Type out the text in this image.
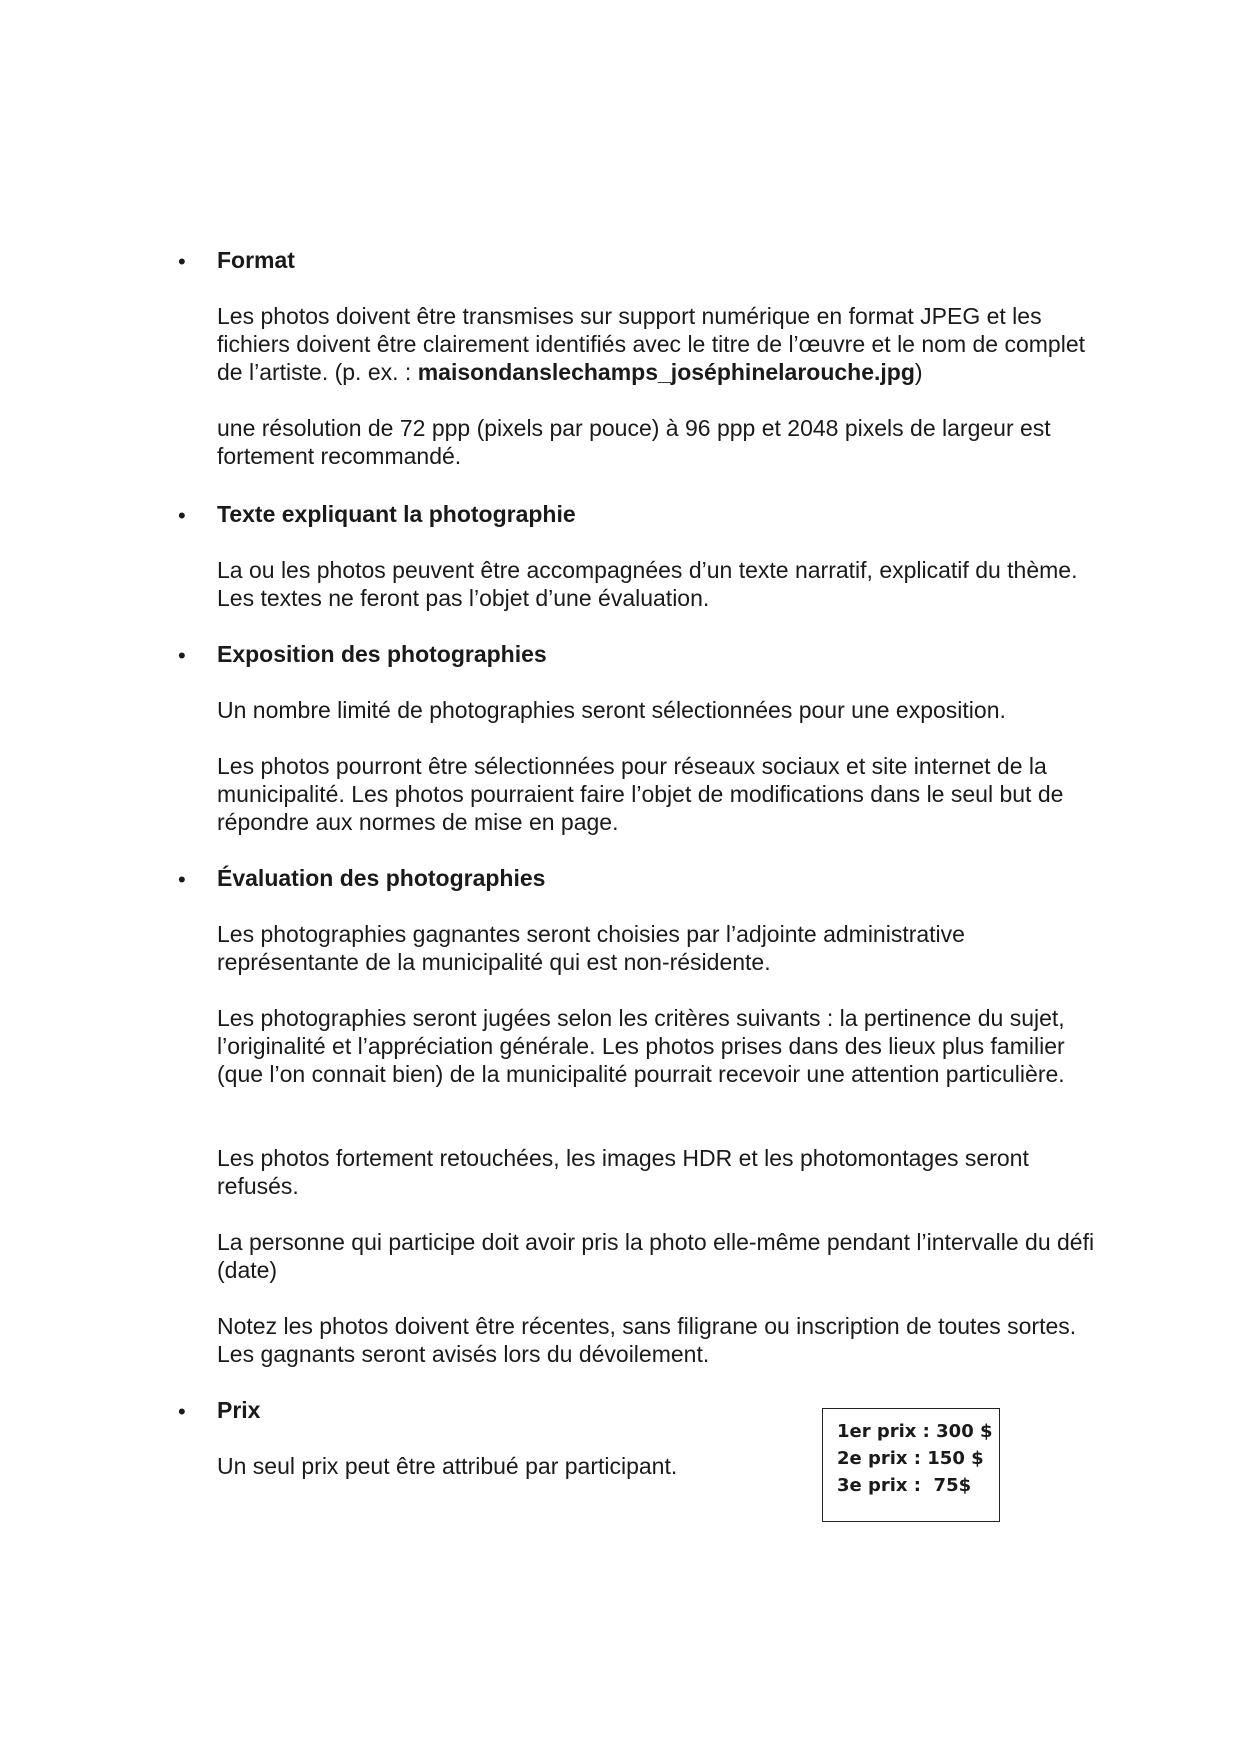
• Format

Les photos doivent être transmises sur support numérique en format JPEG et les fichiers doivent être clairement identifiés avec le titre de l’œuvre et le nom de complet de l’artiste. (p. ex. : maisondanslechamps_joséphinelarouche.jpg)

une résolution de 72 ppp (pixels par pouce) à 96 ppp et 2048 pixels de largeur est fortement recommandé.

• Texte expliquant la photographie

La ou les photos peuvent être accompagnées d’un texte narratif, explicatif du thème. Les textes ne feront pas l’objet d’une évaluation.

• Exposition des photographies

Un nombre limité de photographies seront sélectionnées pour une exposition.

Les photos pourront être sélectionnées pour réseaux sociaux et site internet de la municipalité. Les photos pourraient faire l’objet de modifications dans le seul but de répondre aux normes de mise en page.

• Évaluation des photographies

Les photographies gagnantes seront choisies par l’adjointe administrative représentante de la municipalité qui est non-résidente.

Les photographies seront jugées selon les critères suivants : la pertinence du sujet, l’originalité et l’appréciation générale. Les photos prises dans des lieux plus familier (que l’on connait bien) de la municipalité pourrait recevoir une attention particulière.

Les photos fortement retouchées, les images HDR et les photomontages seront refusés.

La personne qui participe doit avoir pris la photo elle-même pendant l’intervalle du défi (date)

Notez les photos doivent être récentes, sans filigrane ou inscription de toutes sortes. Les gagnants seront avisés lors du dévoilement.

• Prix

Un seul prix peut être attribué par participant.

1er prix : 300 $
2e prix : 150 $
3e prix :  75$
